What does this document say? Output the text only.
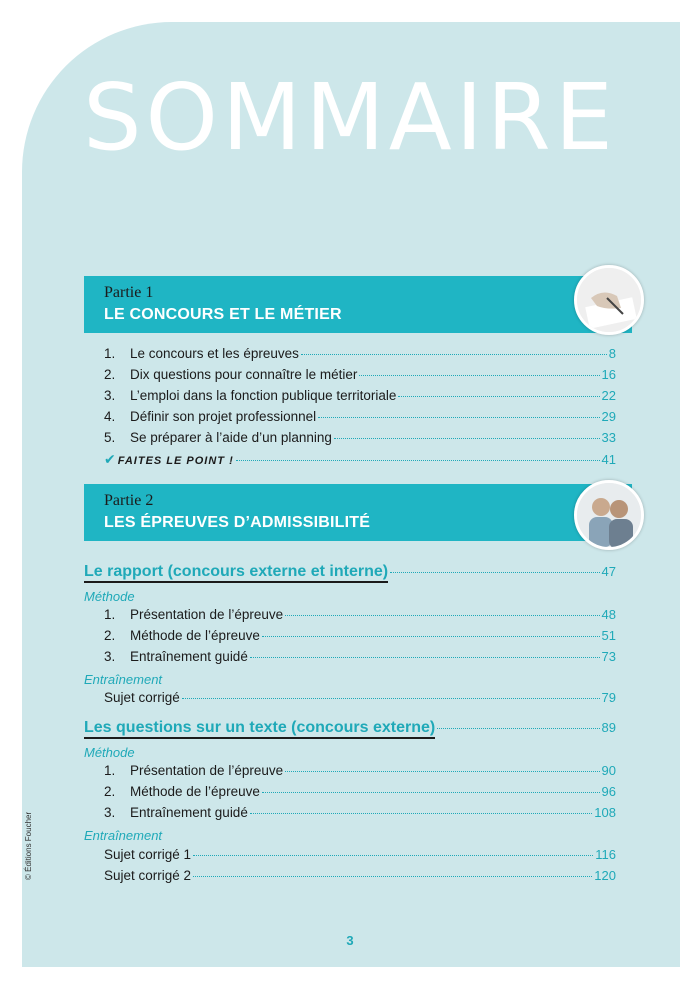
SOMMAIRE
Partie 1
LE CONCOURS ET LE MÉTIER
1.	Le concours et les épreuves	8
2.	Dix questions pour connaître le métier	16
3.	L’emploi dans la fonction publique territoriale	22
4.	Définir son projet professionnel	29
5.	Se préparer à l’aide d’un planning	33
✔ FAITES LE POINT !	41
Partie 2
LES ÉPREUVES D’ADMISSIBILITÉ
Le rapport (concours externe et interne)	47
Méthode
1.	Présentation de l’épreuve	48
2.	Méthode de l’épreuve	51
3.	Entraînement guidé	73
Entraînement
Sujet corrigé	79
Les questions sur un texte (concours externe)	89
Méthode
1.	Présentation de l’épreuve	90
2.	Méthode de l’épreuve	96
3.	Entraînement guidé	108
Entraînement
Sujet corrigé 1	116
Sujet corrigé 2	120
© Éditions Foucher
3
